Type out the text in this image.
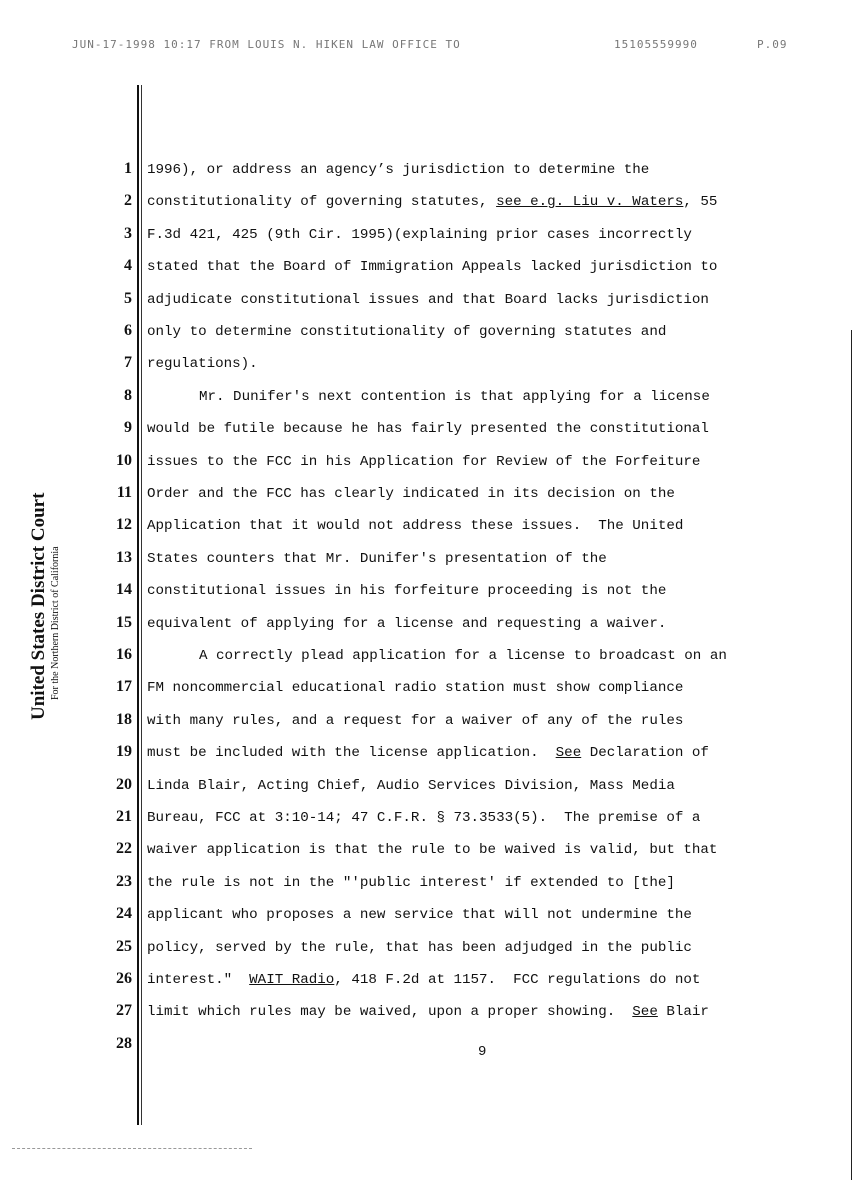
JUN-17-1998 10:17 FROM LOUIS N. HIKEN LAW OFFICE TO	15105559990	P.09
United States District Court For the Northern District of California
1 1996), or address an agency’s jurisdiction to determine the
2 constitutionality of governing statutes, see e.g. Liu v. Waters, 55
3 F.3d 421, 425 (9th Cir. 1995)(explaining prior cases incorrectly
4 stated that the Board of Immigration Appeals lacked jurisdiction to
5 adjudicate constitutional issues and that Board lacks jurisdiction
6 only to determine constitutionality of governing statutes and
7 regulations).
8	Mr. Dunifer's next contention is that applying for a license
9 would be futile because he has fairly presented the constitutional
10 issues to the FCC in his Application for Review of the Forfeiture
11 Order and the FCC has clearly indicated in its decision on the
12 Application that it would not address these issues.  The United
13 States counters that Mr. Dunifer's presentation of the
14 constitutional issues in his forfeiture proceeding is not the
15 equivalent of applying for a license and requesting a waiver.
16	A correctly plead application for a license to broadcast on an
17 FM noncommercial educational radio station must show compliance
18 with many rules, and a request for a waiver of any of the rules
19 must be included with the license application.  See Declaration of
20 Linda Blair, Acting Chief, Audio Services Division, Mass Media
21 Bureau, FCC at 3:10-14; 47 C.F.R. § 73.3533(5).  The premise of a
22 waiver application is that the rule to be waived is valid, but that
23 the rule is not in the "'public interest' if extended to [the]
24 applicant who proposes a new service that will not undermine the
25 policy, served by the rule, that has been adjudged in the public
26 interest."  WAIT Radio, 418 F.2d at 1157.  FCC regulations do not
27 limit which rules may be waived, upon a proper showing.  See Blair
28
9
